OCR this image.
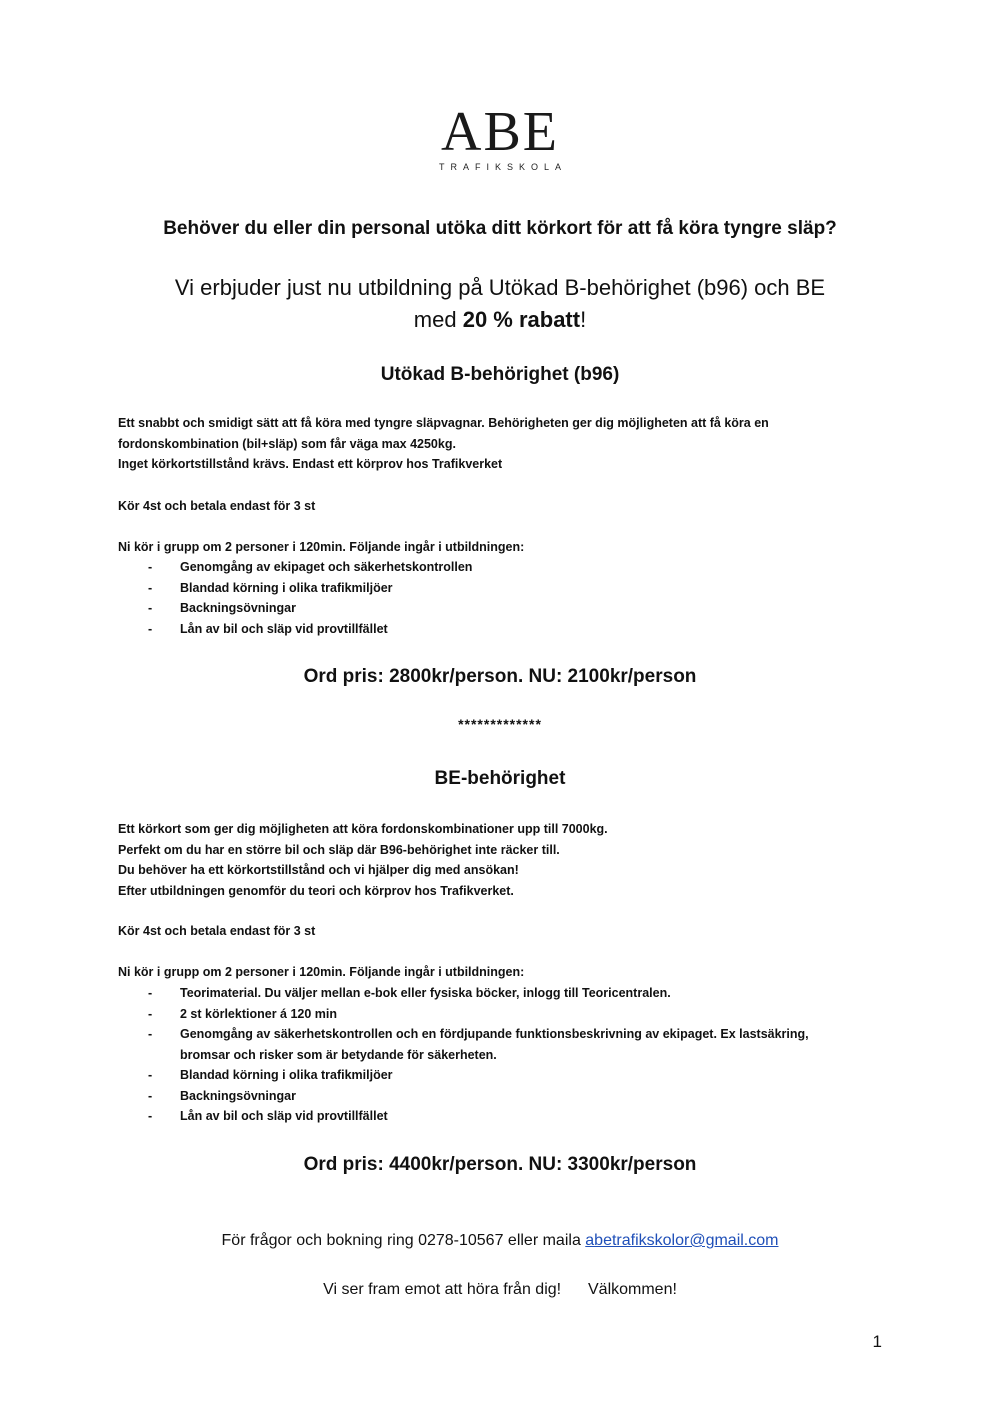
ABE
TRAFIKSKOLA
Behöver du eller din personal utöka ditt körkort för att få köra tyngre släp?
Vi erbjuder just nu utbildning på Utökad B-behörighet (b96) och BE
med 20 % rabatt!
Utökad B-behörighet (b96)

Ett snabbt och smidigt sätt att få köra med tyngre släpvagnar. Behörigheten ger dig möjligheten att få köra en

fordonskombination (bil+släp) som får väga max 4250kg.

Inget körkortstillstånd krävs. Endast ett körprov hos Trafikverket

Kör 4st och betala endast för 3 st
Ni kör i grupp om 2 personer i 120min. Följande ingår i utbildningen:
- Genomgång av ekipaget och säkerhetskontrollen
- Blandad körning i olika trafikmiljöer
- Backningsövningar
- Lån av bil och släp vid provtillfället
Ord pris: 2800kr/person. NU: 2100kr/person
*************
BE-behörighet

Ett körkort som ger dig möjligheten att köra fordonskombinationer upp till 7000kg.

Perfekt om du har en större bil och släp där B96-behörighet inte räcker till.

Du behöver ha ett körkortstillstånd och vi hjälper dig med ansökan!

Efter utbildningen genomför du teori och körprov hos Trafikverket.

Kör 4st och betala endast för 3 st
Ni kör i grupp om 2 personer i 120min. Följande ingår i utbildningen:
- Teorimaterial. Du väljer mellan e-bok eller fysiska böcker, inlogg till Teoricentralen.
- 2 st körlektioner á 120 min
- Genomgång av säkerhetskontrollen och en fördjupande funktionsbeskrivning av ekipaget. Ex lastsäkring, bromsar och risker som är betydande för säkerheten.
- Blandad körning i olika trafikmiljöer
- Backningsövningar
- Lån av bil och släp vid provtillfället
Ord pris: 4400kr/person. NU: 3300kr/person
För frågor och bokning ring 0278-10567 eller maila abetrafikskolor@gmail.com
Vi ser fram emot att höra från dig! Välkommen!
1
